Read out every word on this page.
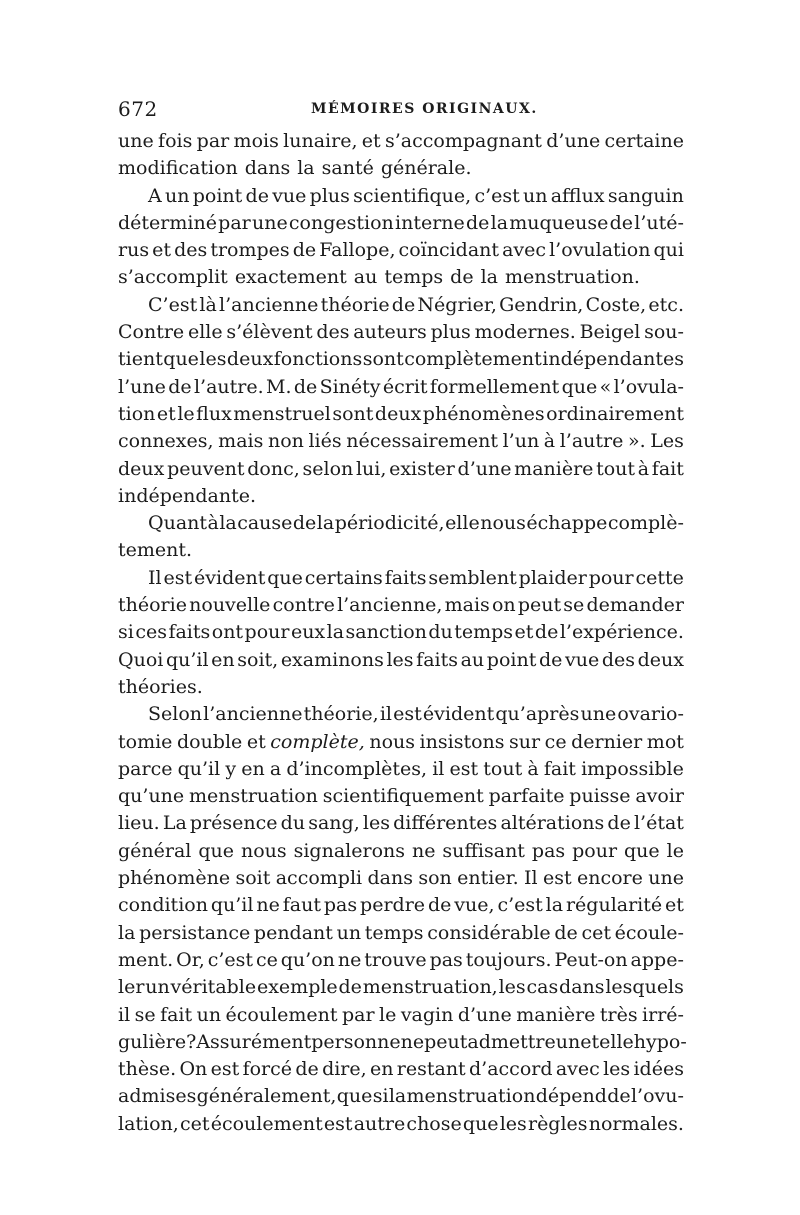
672	MÉMOIRES ORIGINAUX.
une fois par mois lunaire, et s’accompagnant d’une certaine
modification dans la santé générale.
A un point de vue plus scientifique, c’est un afflux sanguin
déterminé par une congestion interne de la muqueuse de l’uté-
rus et des trompes de Fallope, coïncidant avec l’ovulation qui
s’accomplit exactement au temps de la menstruation.
C’est là l’ancienne théorie de Négrier, Gendrin, Coste, etc.
Contre elle s’élèvent des auteurs plus modernes. Beigel sou-
tient que les deux fonctions sont complètement indépendantes
l’une de l’autre. M. de Sinéty écrit formellement que « l’ovula-
tion et le flux menstruel sont deux phénomènes ordinairement
connexes, mais non liés nécessairement l’un à l’autre ». Les
deux peuvent donc, selon lui, exister d’une manière tout à fait
indépendante.
Quant à la cause de la périodicité, elle nous échappe complè-
tement.
Il est évident que certains faits semblent plaider pour cette
théorie nouvelle contre l’ancienne, mais on peut se demander
si ces faits ont pour eux la sanction du temps et de l’expérience.
Quoi qu’il en soit, examinons les faits au point de vue des deux
théories.
Selon l’ancienne théorie, il est évident qu’après une ovario-
tomie double et complète, nous insistons sur ce dernier mot
parce qu’il y en a d’incomplètes, il est tout à fait impossible
qu’une menstruation scientifiquement parfaite puisse avoir
lieu. La présence du sang, les différentes altérations de l’état
général que nous signalerons ne suffisant pas pour que le
phénomène soit accompli dans son entier. Il est encore une
condition qu’il ne faut pas perdre de vue, c’est la régularité et
la persistance pendant un temps considérable de cet écoule-
ment. Or, c’est ce qu’on ne trouve pas toujours. Peut-on appe-
ler un véritable exemple de menstruation, les cas dans lesquels
il se fait un écoulement par le vagin d’une manière très irré-
gulière? Assurément personne ne peut admettre une telle hypo-
thèse. On est forcé de dire, en restant d’accord avec les idées
admises généralement, que si la menstruation dépend de l’ovu-
lation, cet écoulement est autre chose que les règles normales.
